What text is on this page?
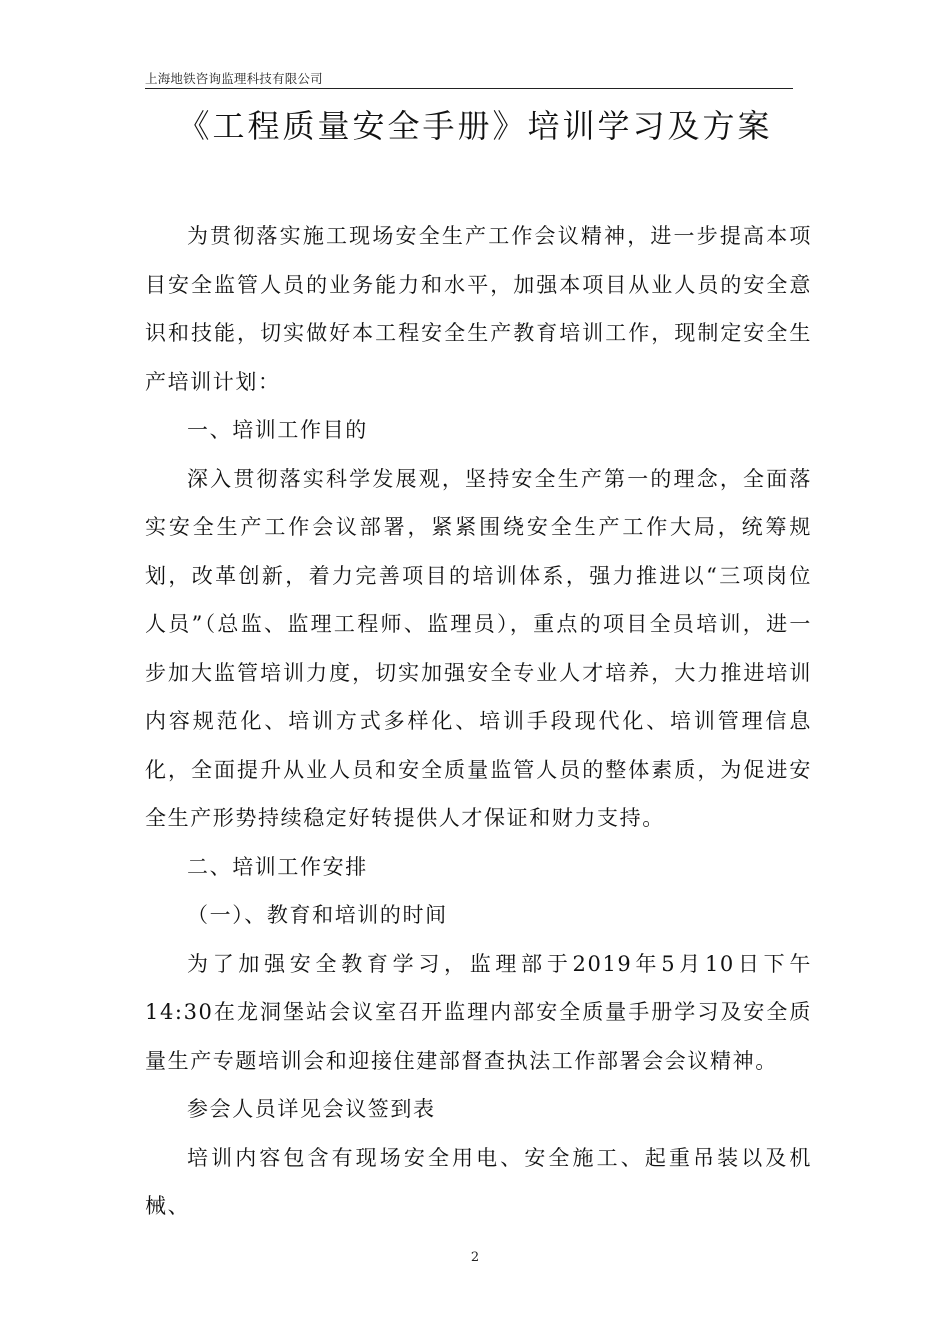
上海地铁咨询监理科技有限公司
《工程质量安全手册》培训学习及方案

为贯彻落实施工现场安全生产工作会议精神，进一步提高本项目安全监管人员的业务能力和水平，加强本项目从业人员的安全意识和技能，切实做好本工程安全生产教育培训工作，现制定安全生产培训计划：

一、培训工作目的

深入贯彻落实科学发展观，坚持安全生产第一的理念，全面落实安全生产工作会议部署，紧紧围绕安全生产工作大局，统筹规划，改革创新，着力完善项目的培训体系，强力推进以“三项岗位人员”（总监、监理工程师、监理员），重点的项目全员培训，进一步加大监管培训力度，切实加强安全专业人才培养，大力推进培训内容规范化、培训方式多样化、培训手段现代化、培训管理信息化，全面提升从业人员和安全质量监管人员的整体素质，为促进安全生产形势持续稳定好转提供人才保证和财力支持。

二、培训工作安排

（一）、教育和培训的时间

为了加强安全教育学习，监理部于2019年5月10日下午14:30在龙洞堡站会议室召开监理内部安全质量手册学习及安全质量生产专题培训会和迎接住建部督查执法工作部署会会议精神。

参会人员详见会议签到表

培训内容包含有现场安全用电、安全施工、起重吊装以及机械、

2
